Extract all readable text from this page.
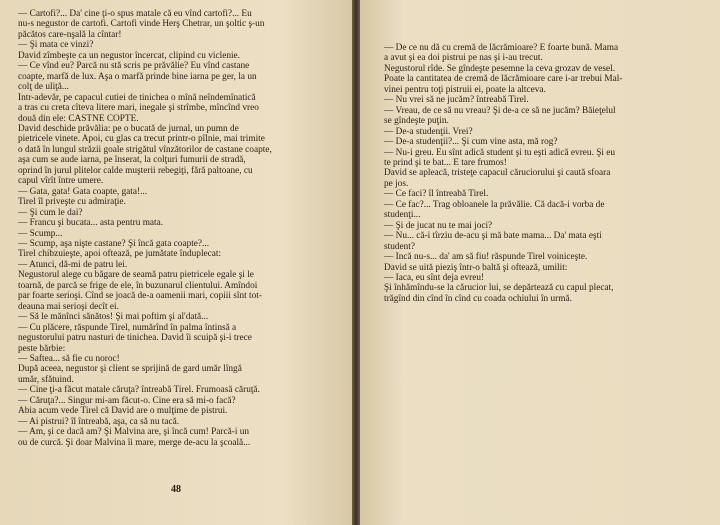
— Cartofi?... Da' cine ţi-o spus matale că eu vînd cartofi?... Eu
nu-s negustor de cartofi. Cartofi vinde Herş Chetrar, un şoltic ş-un
păcătos care-nşală la cîntar!
— Şi mata ce vinzi?
David zîmbeşte ca un negustor încercat, clipind cu viclenie.
— Ce vînd eu? Parcă nu stă scris pe prăvălie? Eu vînd castane
coapte, marfă de lux. Aşa o marfă prinde bine iarna pe ger, la un
colţ de uliţă...
Într-adevăr, pe capacul cutiei de tinichea o mînă neîndemînatică
a tras cu creta cîteva litere mari, inegale şi strîmbe, mîncînd vreo
două din ele: CASTNE COPTE.
David deschide prăvălia: pe o bucată de jurnal, un pumn de
pietricele vinete. Apoi, cu glas ca trecut printr-o pîlnie, mai trimite
o dată în lungul străzii goale strigătul vînzătorilor de castane coapte,
aşa cum se aude iarna, pe înserat, la colţuri fumurii de stradă,
oprind în jurul plitelor calde muşterii rebegiţi, fără paltoane, cu
capul vîrît între umere.
— Gata, gata! Gata coapte, gata!...
Tirel îl priveşte cu admiraţie.
— Şi cum le dai?
— Francu şi bucata... asta pentru mata.
— Scump...
— Scump, aşa nişte castane? Şi încă gata coapte?...
Tirel chibzuieşte, apoi oftează, pe jumătate înduplecat:
— Atunci, dă-mi de patru lei.
Negustorul alege cu băgare de seamă patru pietricele egale şi le
toarnă, de parcă se frige de ele, în buzunarul clientului. Amîndoi
par foarte serioşi. Cînd se joacă de-a oamenii mari, copiii sînt tot-
deauna mai serioşi decît ei.
— Să le mănînci sănătos! Şi mai poftim şi al'dată...
— Cu plăcere, răspunde Tirel, numărînd în palma întinsă a
negustorului patru nasturi de tinichea. David îi scuipă şi-i trece
peste bărbie:
— Saftea... să fie cu noroc!
După aceea, negustor şi client se sprijină de gard umăr lîngă
umăr, sfătuind.
— Cine ţi-a făcut matale căruţa? întreabă Tirel. Frumoasă căruţă.
— Căruţa?... Singur mi-am făcut-o. Cine era să mi-o facă?
Abia acum vede Tirel că David are o mulţime de pistrui.
— Ai pistrui? îl întreabă, aşa, ca să nu tacă.
— Am, şi ce dacă am? Şi Malvina are, şi încă cum! Parcă-i un
ou de curcă. Şi doar Malvina îi mare, merge de-acu la şcoală...
48
— De ce nu dă cu cremă de lăcrămioare? E foarte bună. Mama
a avut şi ea doi pistrui pe nas şi i-au trecut.
Negustorul rîde. Se gîndeşte pesemne la ceva grozav de vesel.
Poate la cantitatea de cremă de lăcrămioare care i-ar trebui Mal-
vinei pentru toţi pistruii ei, poate la altceva.
— Nu vrei să ne jucăm? întreabă Tirel.
— Vreau, de ce să nu vreau? Şi de-a ce să ne jucăm? Băieţelul
se gîndeşte puţin.
— De-a studenţii. Vrei?
— De-a studenţii?... Şi cum vine asta, mă rog?
— Nu-i greu. Eu sînt adică student şi tu eşti adică evreu. Şi eu
te prind şi te bat... E tare frumos!
David se apleacă, tristeţe capacul căruciorului şi caută sfoara
pe jos.
— Ce faci? îl întreabă Tirel.
— Ce fac?... Trag obloanele la prăvălie. Că dacă-i vorba de
studenţi...
— Şi de jucat nu te mai joci?
— Nu... că-i tîrziu de-acu şi mă bate mama... Da' mata eşti
student?
— Încă nu-s... da' am să fiu! răspunde Tirel voiniceşte.
David se uită pieziş într-o baltă şi oftează, umilit:
— Iaca, eu sînt deja evreu!
Şi înhămîndu-se la cărucior lui, se depărtează cu capul plecat,
trăgînd din cînd în cînd cu coada ochiului în urmă.
